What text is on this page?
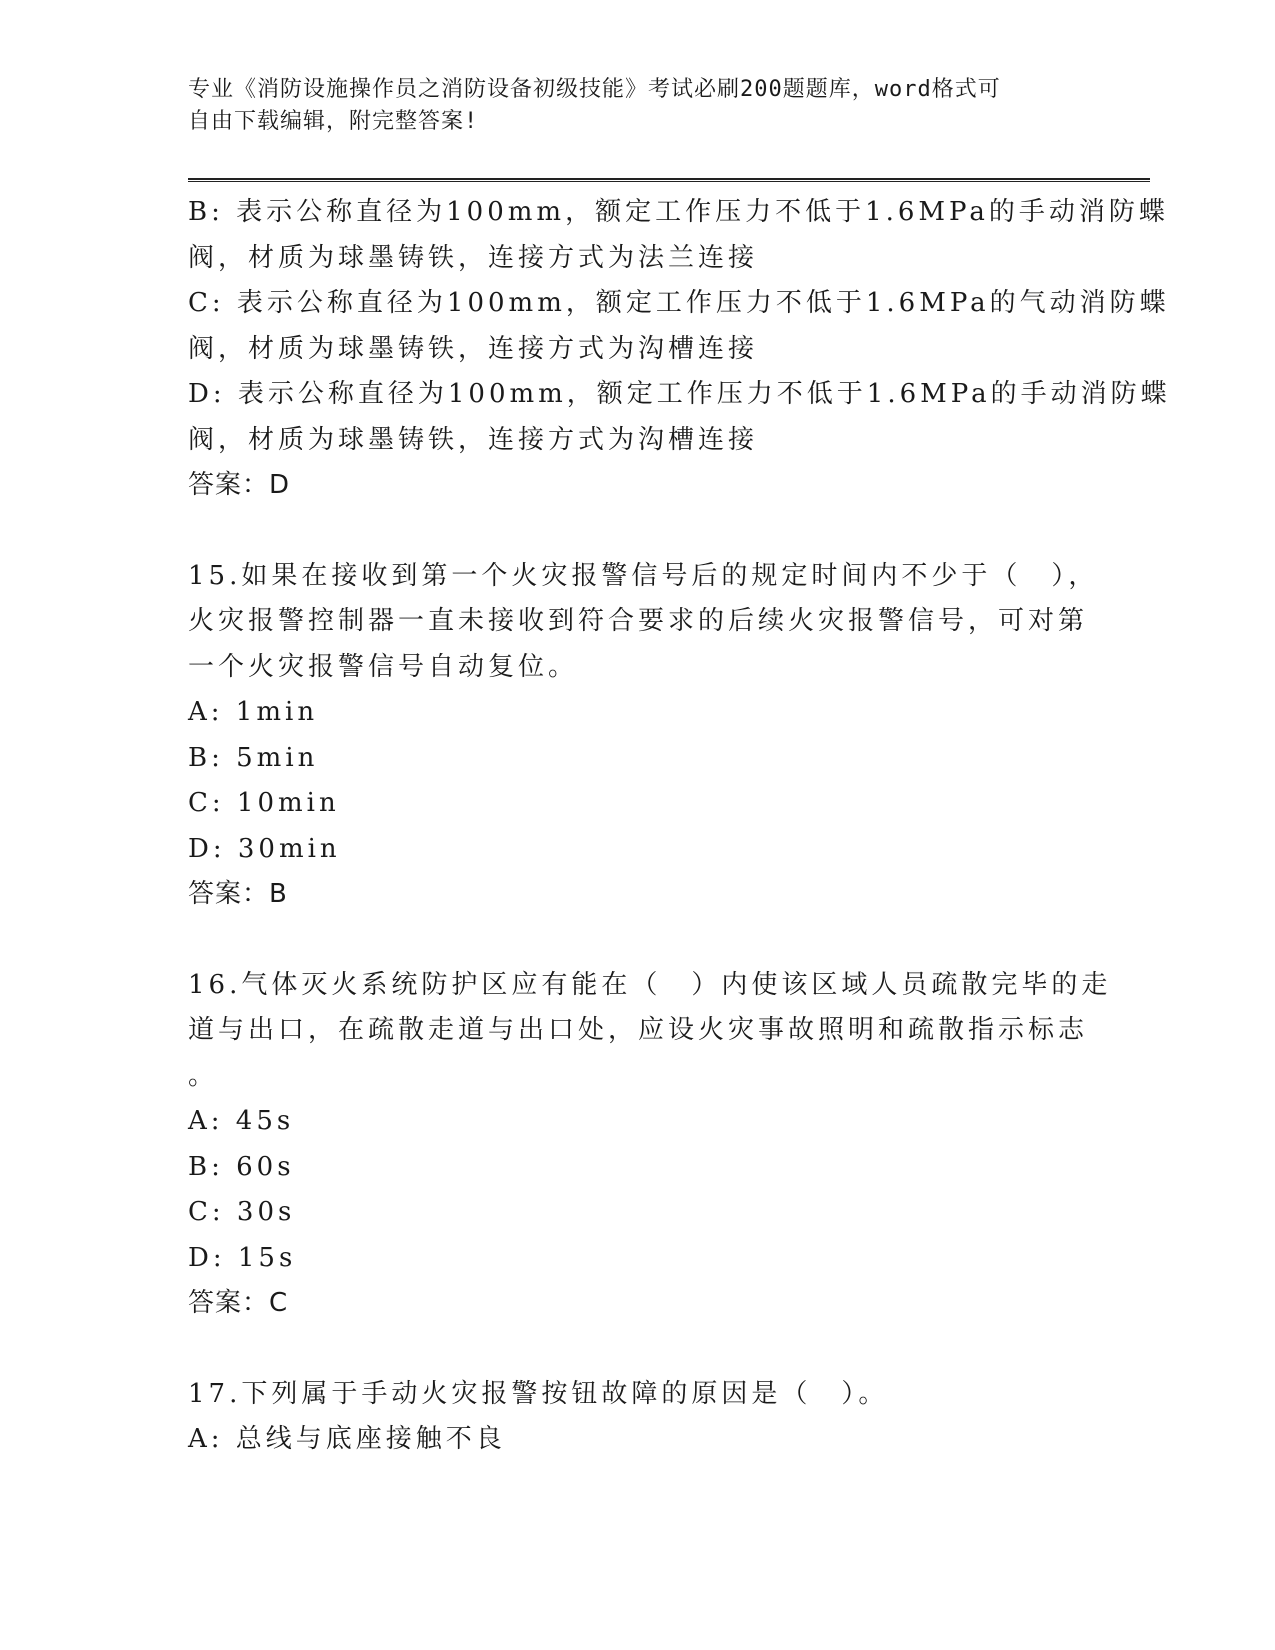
专业《消防设施操作员之消防设备初级技能》考试必刷200题题库，word格式可
自由下载编辑，附完整答案!
B: 表示公称直径为100mm，额定工作压力不低于1.6MPa的手动消防蝶
阀，材质为球墨铸铁，连接方式为法兰连接
C: 表示公称直径为100mm，额定工作压力不低于1.6MPa的气动消防蝶
阀，材质为球墨铸铁，连接方式为沟槽连接
D: 表示公称直径为100mm，额定工作压力不低于1.6MPa的手动消防蝶
阀，材质为球墨铸铁，连接方式为沟槽连接
答案：D
15.如果在接收到第一个火灾报警信号后的规定时间内不少于（　），
火灾报警控制器一直未接收到符合要求的后续火灾报警信号，可对第
一个火灾报警信号自动复位。
A: 1min
B: 5min
C: 10min
D: 30min
答案：B
16.气体灭火系统防护区应有能在（　）内使该区域人员疏散完毕的走
道与出口，在疏散走道与出口处，应设火灾事故照明和疏散指示标志
。
A: 45s
B: 60s
C: 30s
D: 15s
答案：C
17.下列属于手动火灾报警按钮故障的原因是（　）。
A: 总线与底座接触不良
